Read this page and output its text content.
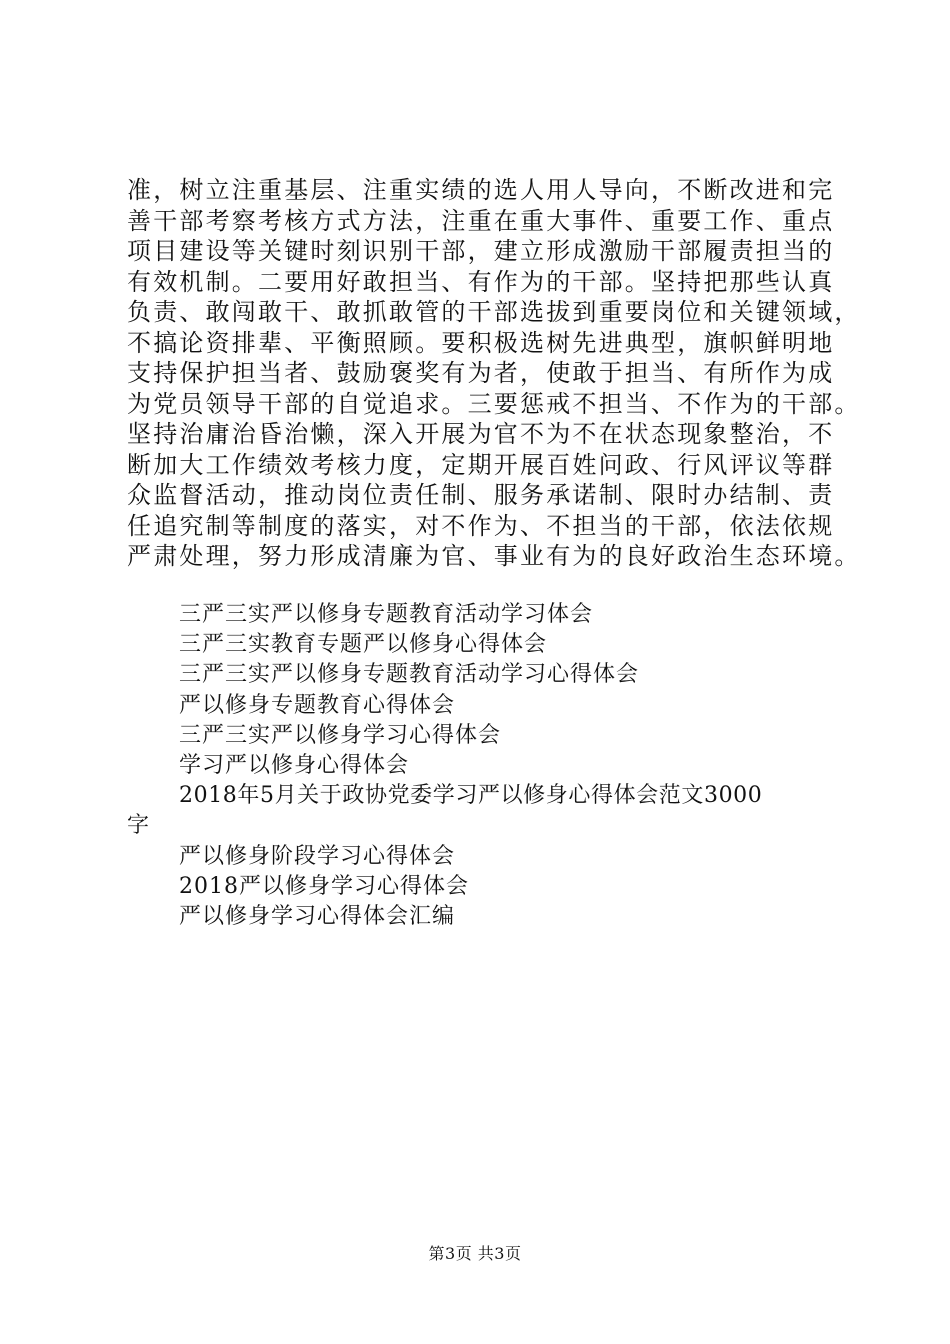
准，树立注重基层、注重实绩的选人用人导向，不断改进和完
善干部考察考核方式方法，注重在重大事件、重要工作、重点
项目建设等关键时刻识别干部，建立形成激励干部履责担当的
有效机制。二要用好敢担当、有作为的干部。坚持把那些认真
负责、敢闯敢干、敢抓敢管的干部选拔到重要岗位和关键领域，
不搞论资排辈、平衡照顾。要积极选树先进典型，旗帜鲜明地
支持保护担当者、鼓励褒奖有为者，使敢于担当、有所作为成
为党员领导干部的自觉追求。三要惩戒不担当、不作为的干部。
坚持治庸治昏治懒，深入开展为官不为不在状态现象整治，不
断加大工作绩效考核力度，定期开展百姓问政、行风评议等群
众监督活动，推动岗位责任制、服务承诺制、限时办结制、责
任追究制等制度的落实，对不作为、不担当的干部，依法依规
严肃处理，努力形成清廉为官、事业有为的良好政治生态环境。
三严三实严以修身专题教育活动学习体会
三严三实教育专题严以修身心得体会
三严三实严以修身专题教育活动学习心得体会
严以修身专题教育心得体会
三严三实严以修身学习心得体会
学习严以修身心得体会
2018年5月关于政协党委学习严以修身心得体会范文3000
字
严以修身阶段学习心得体会
2018严以修身学习心得体会
严以修身学习心得体会汇编
第3页 共3页
